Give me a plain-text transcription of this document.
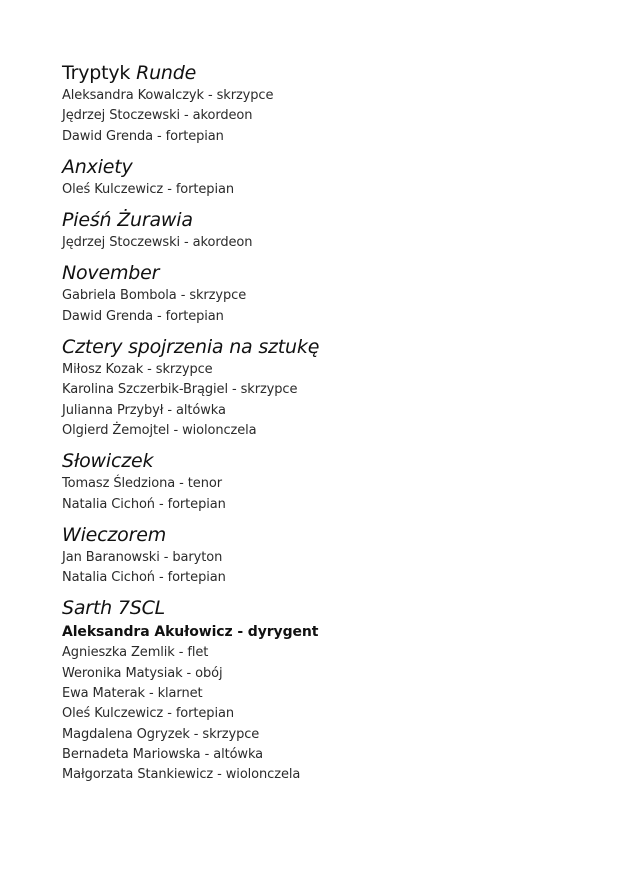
Tryptyk Runde

Aleksandra Kowalczyk - skrzypce

Jędrzej Stoczewski - akordeon

Dawid Grenda - fortepian

Anxiety

Oleś Kulczewicz - fortepian

Pieśń Żurawia

Jędrzej Stoczewski - akordeon

November

Gabriela Bombola - skrzypce

Dawid Grenda - fortepian

Cztery spojrzenia na sztukę

Miłosz Kozak - skrzypce

Karolina Szczerbik-Brągiel - skrzypce

Julianna Przybył - altówka

Olgierd Żemojtel - wiolonczela

Słowiczek

Tomasz Śledziona - tenor

Natalia Cichoń - fortepian

Wieczorem

Jan Baranowski - baryton

Natalia Cichoń - fortepian

Sarth 7SCL

Aleksandra Akułowicz - dyrygent

Agnieszka Zemlik - flet

Weronika Matysiak - obój

Ewa Materak - klarnet

Oleś Kulczewicz - fortepian

Magdalena Ogryzek - skrzypce

Bernadeta Mariowska - altówka

Małgorzata Stankiewicz - wiolonczela
